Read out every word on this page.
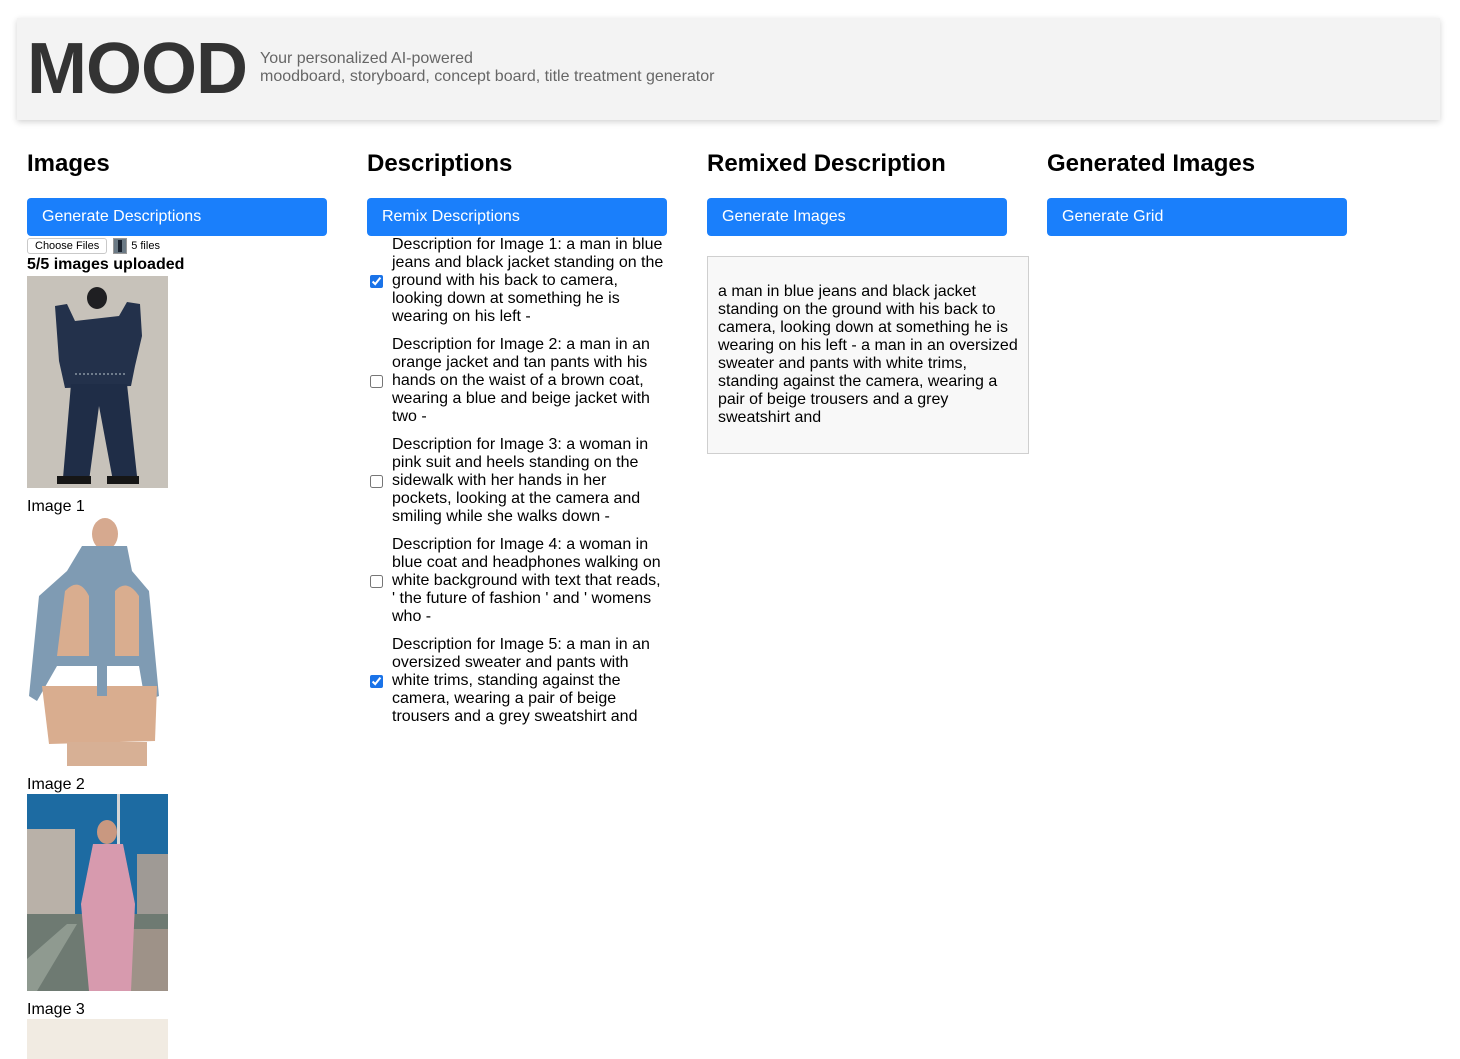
MOOD Your personalized AI-powered
moodboard, storyboard, concept board, title treatment generator
Images
Generate Descriptions
Choose Files	5 files
5/5 images uploaded
Image 1
Image 2
Image 3
Descriptions
Remix Descriptions
Description for Image 1: a man in blue jeans and black jacket standing on the ground with his back to camera, looking down at something he is wearing on his left -
Description for Image 2: a man in an orange jacket and tan pants with his hands on the waist of a brown coat, wearing a blue and beige jacket with two -
Description for Image 3: a woman in pink suit and heels standing on the sidewalk with her hands in her pockets, looking at the camera and smiling while she walks down -
Description for Image 4: a woman in blue coat and headphones walking on white background with text that reads, ' the future of fashion ' and ' womens who -
Description for Image 5: a man in an oversized sweater and pants with white trims, standing against the camera, wearing a pair of beige trousers and a grey sweatshirt and
Remixed Description
Generate Images
a man in blue jeans and black jacket standing on the ground with his back to camera, looking down at something he is wearing on his left - a man in an oversized sweater and pants with white trims, standing against the camera, wearing a pair of beige trousers and a grey sweatshirt and
Generated Images
Generate Grid
